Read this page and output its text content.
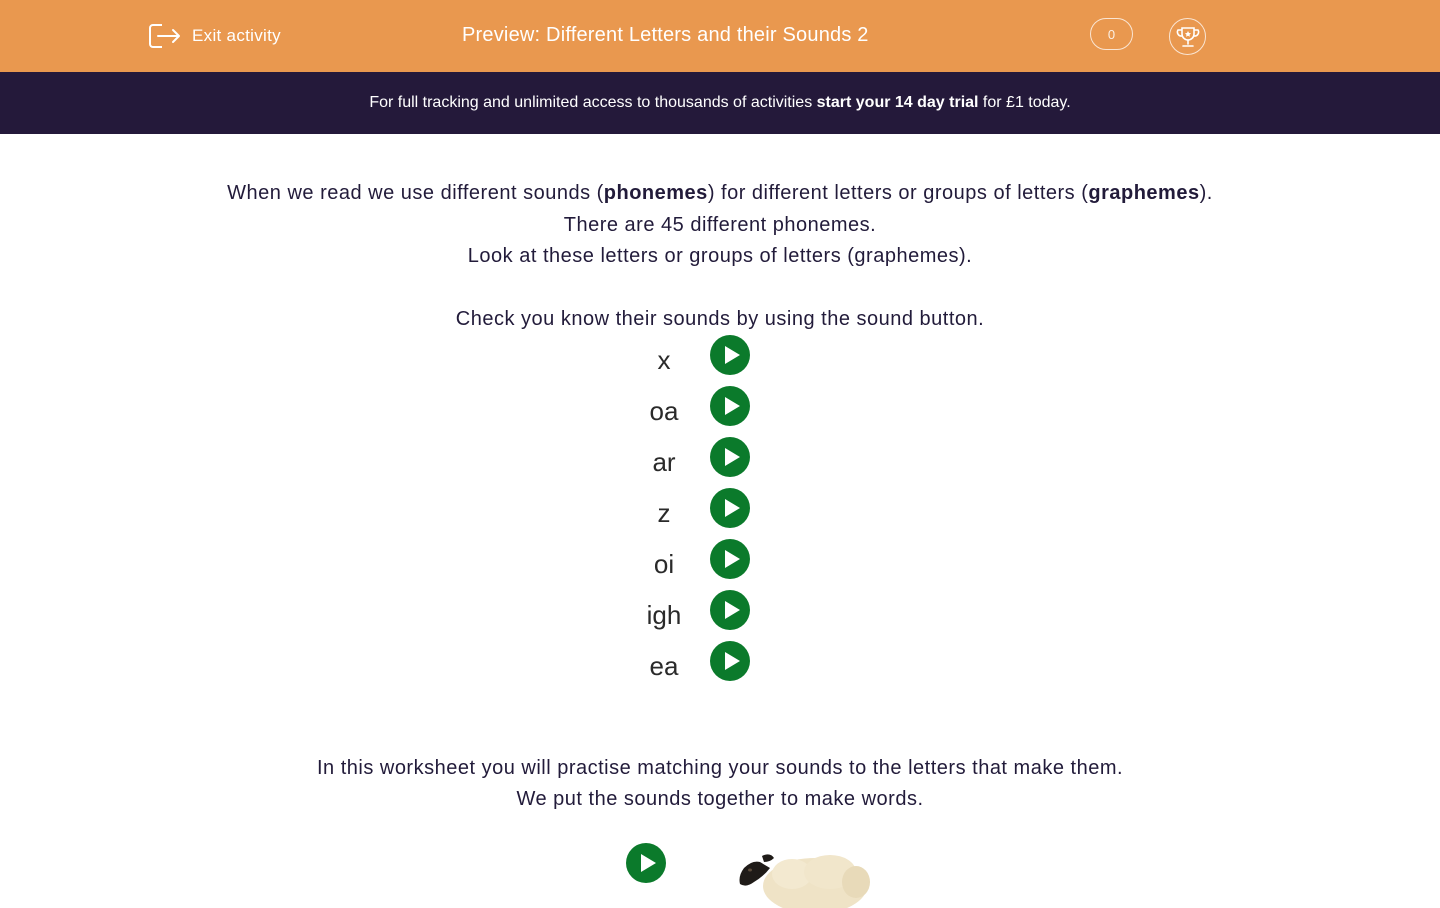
Exit activity	Preview: Different Letters and their Sounds 2	0
For full tracking and unlimited access to thousands of activities start your 14 day trial for £1 today.

When we read we use different sounds (phonemes) for different letters or groups of letters (graphemes).

There are 45 different phonemes.

Look at these letters or groups of letters (graphemes).

Check you know their sounds by using the sound button.

x
oa
ar
z
oi
igh
ea

In this worksheet you will practise matching your sounds to the letters that make them.

We put the sounds together to make words.
